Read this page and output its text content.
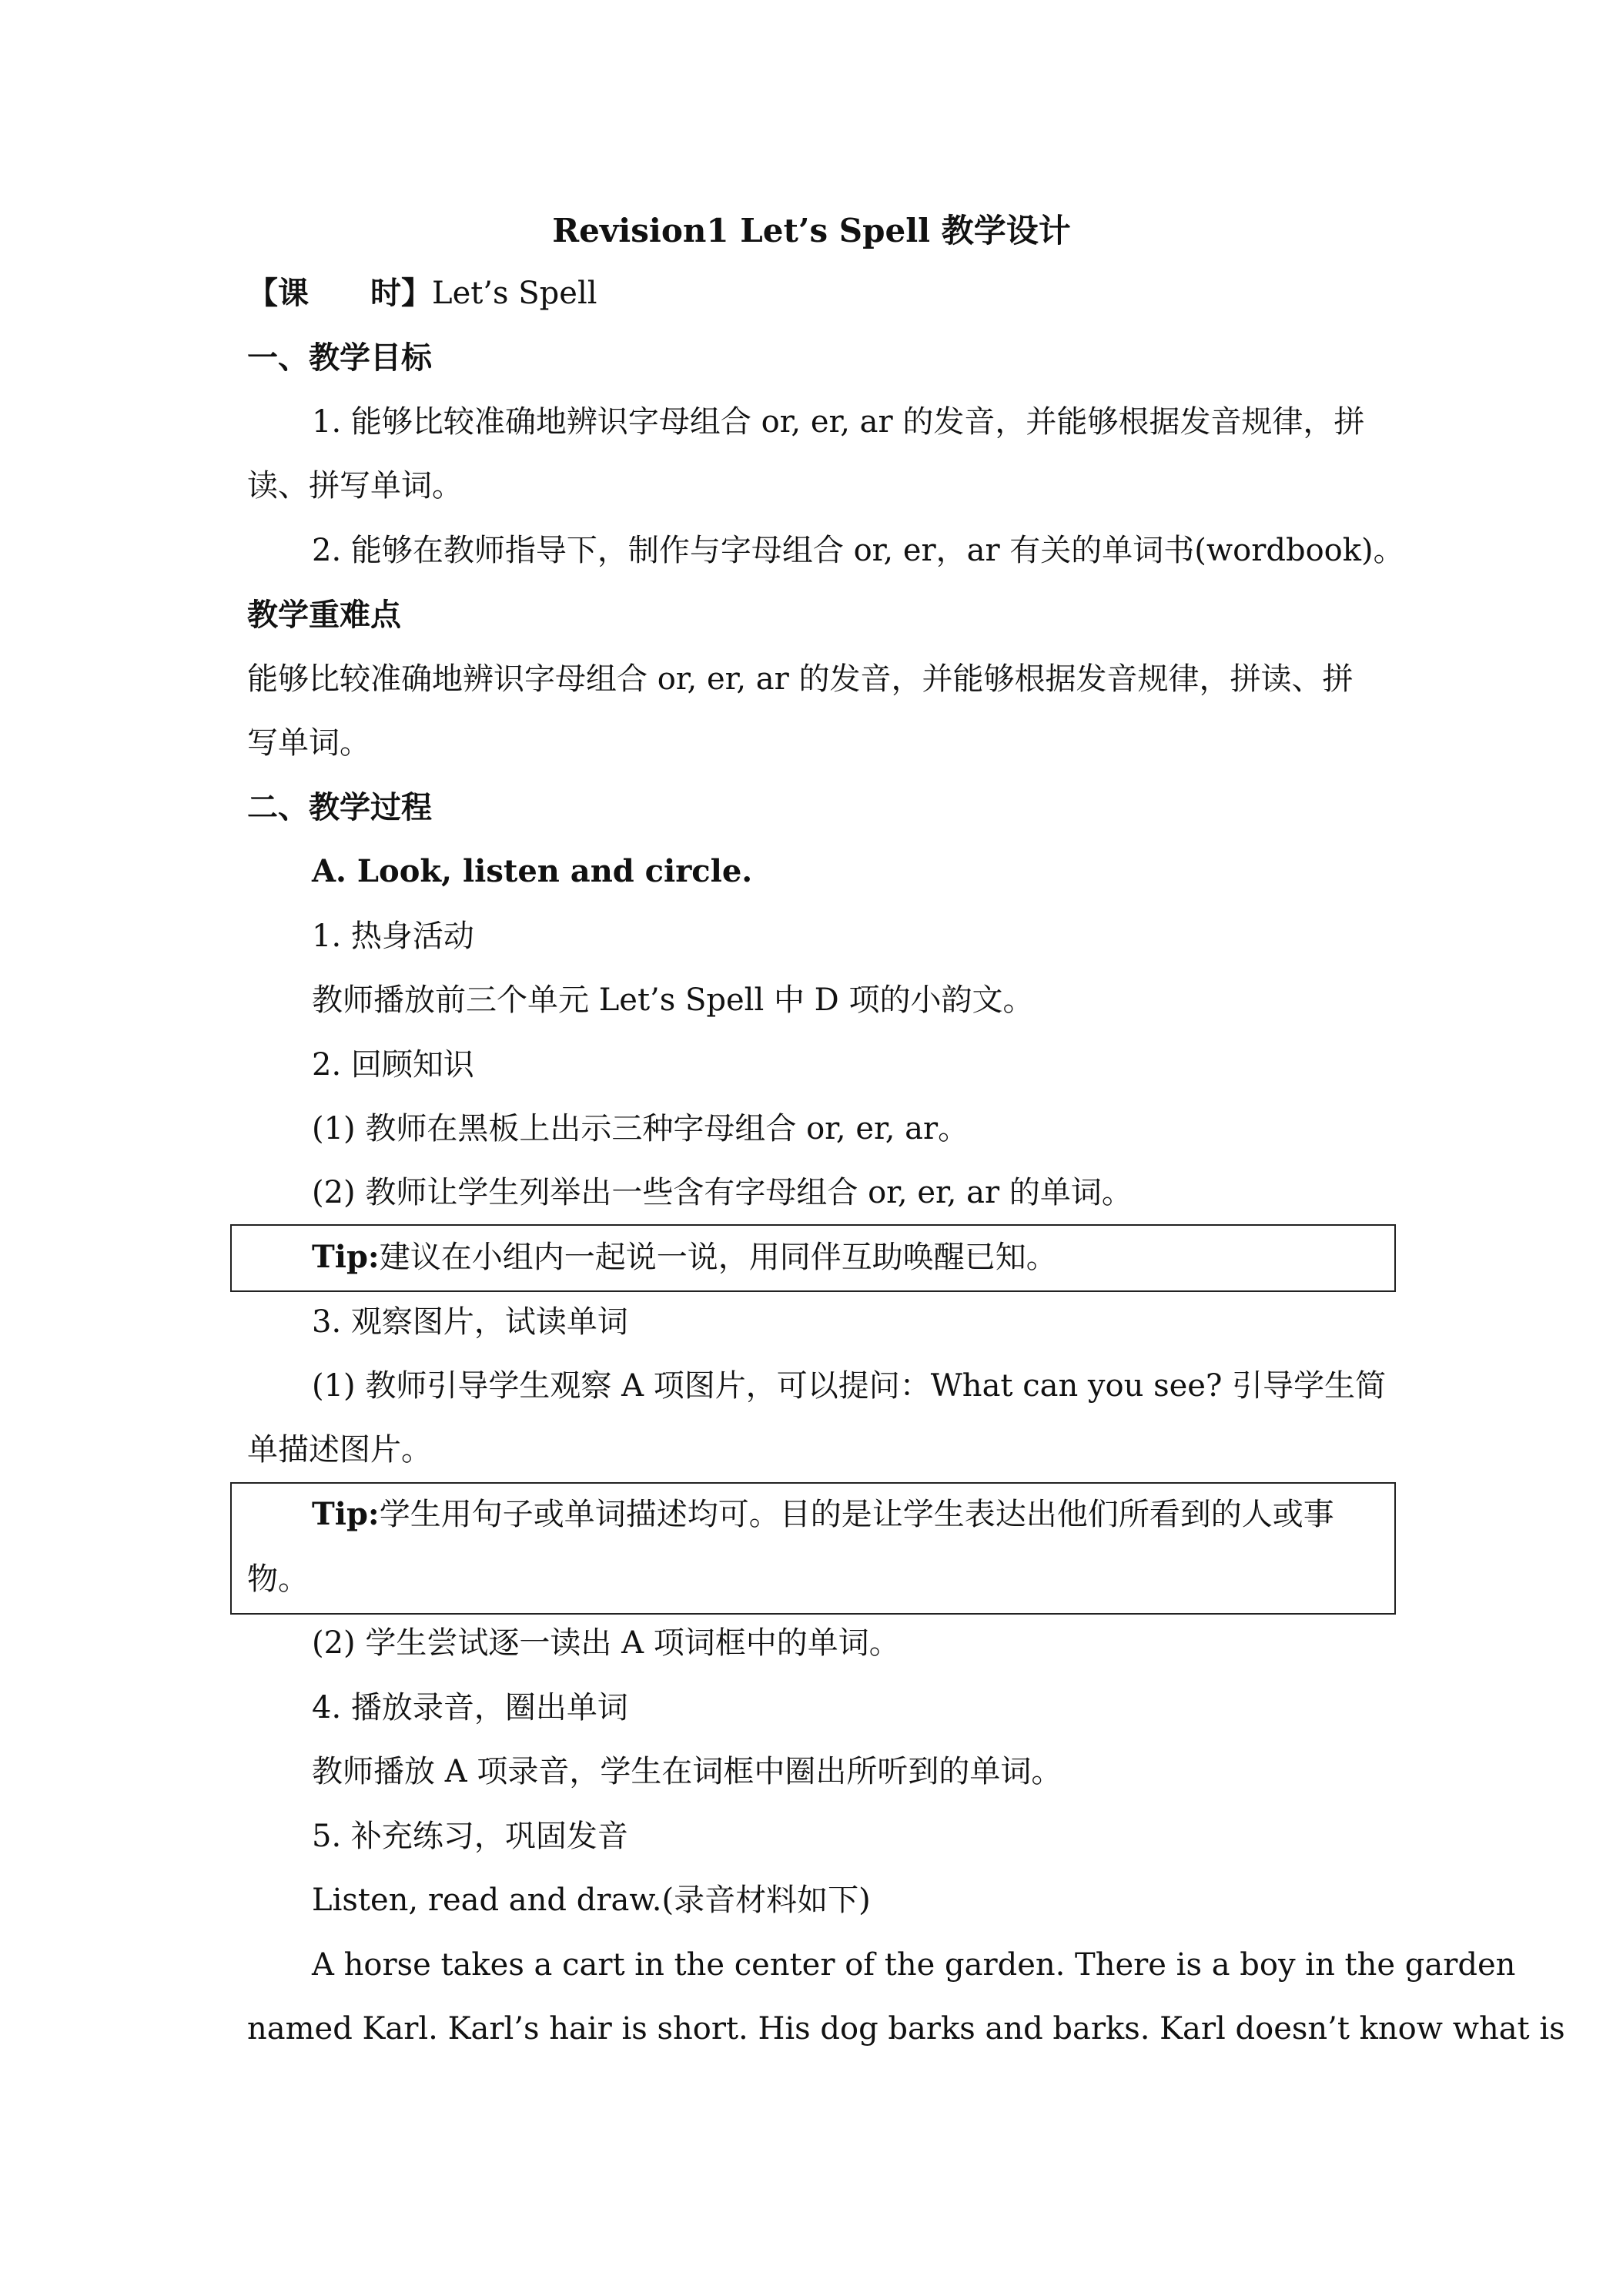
Revision1 Let’s Spell 教学设计
【课　　时】Let’s Spell
一、教学目标
1. 能够比较准确地辨识字母组合 or, er, ar 的发音，并能够根据发音规律，拼
读、拼写单词。
2. 能够在教师指导下，制作与字母组合 or, er，ar 有关的单词书(wordbook)。
教学重难点
能够比较准确地辨识字母组合 or, er, ar 的发音，并能够根据发音规律，拼读、拼
写单词。
二、教学过程
A. Look, listen and circle.
1. 热身活动
教师播放前三个单元 Let’s Spell 中 D 项的小韵文。
2. 回顾知识
(1) 教师在黑板上出示三种字母组合 or, er, ar。
(2) 教师让学生列举出一些含有字母组合 or, er, ar 的单词。
Tip:建议在小组内一起说一说，用同伴互助唤醒已知。
3. 观察图片，试读单词
(1) 教师引导学生观察 A 项图片，可以提问：What can you see? 引导学生简
单描述图片。
Tip:学生用句子或单词描述均可。目的是让学生表达出他们所看到的人或事
物。
(2) 学生尝试逐一读出 A 项词框中的单词。
4. 播放录音，圈出单词
教师播放 A 项录音，学生在词框中圈出所听到的单词。
5. 补充练习，巩固发音
Listen, read and draw.(录音材料如下)
A horse takes a cart in the center of the garden. There is a boy in the garden
named Karl. Karl’s hair is short. His dog barks and barks. Karl doesn’t know what is
